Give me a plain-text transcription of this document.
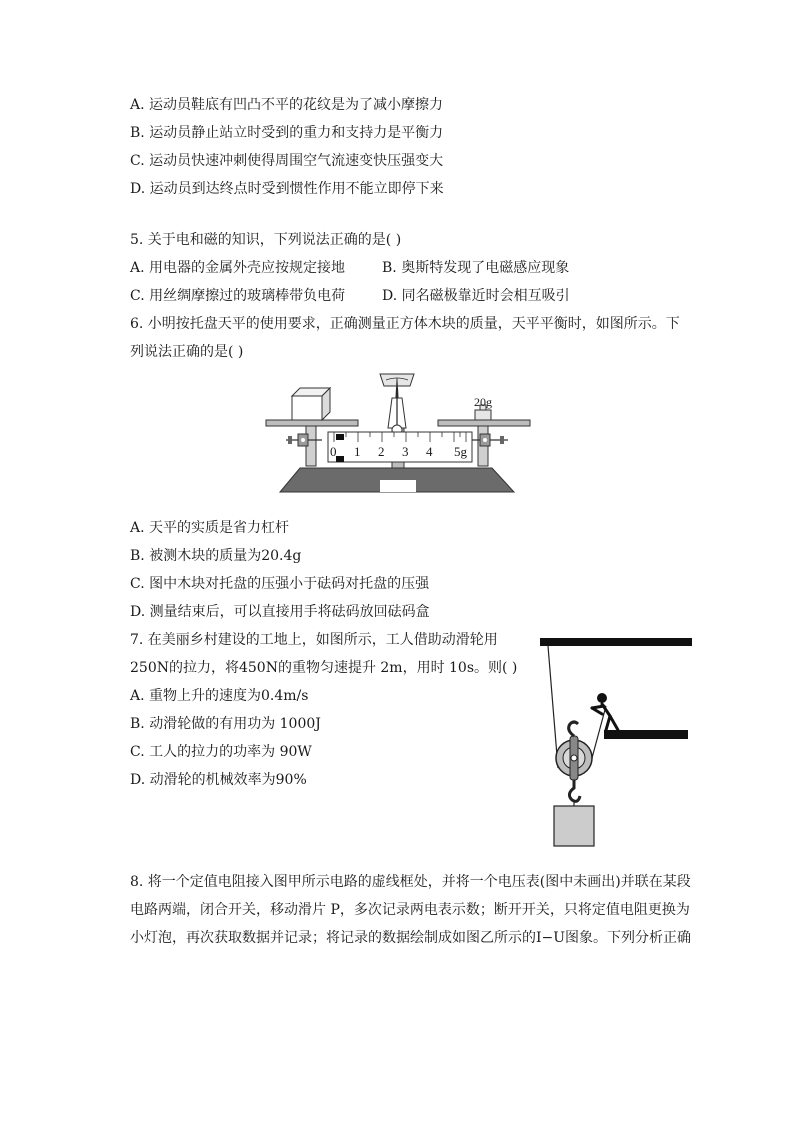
A. 运动员鞋底有凹凸不平的花纹是为了减小摩擦力
B. 运动员静止站立时受到的重力和支持力是平衡力
C. 运动员快速冲刺使得周围空气流速变快压强变大
D. 运动员到达终点时受到惯性作用不能立即停下来
5. 关于电和磁的知识，下列说法正确的是( )
A. 用电器的金属外壳应按规定接地	B. 奥斯特发现了电磁感应现象
C. 用丝绸摩擦过的玻璃棒带负电荷	D. 同名磁极靠近时会相互吸引
6. 小明按托盘天平的使用要求，正确测量正方体木块的质量，天平平衡时，如图所示。下
列说法正确的是( )
20g
0 1 2 3 4 5g
A. 天平的实质是省力杠杆
B. 被测木块的质量为20.4g
C. 图中木块对托盘的压强小于砝码对托盘的压强
D. 测量结束后，可以直接用手将砝码放回砝码盒
7. 在美丽乡村建设的工地上，如图所示，工人借助动滑轮用
250N的拉力，将450N的重物匀速提升 2m，用时 10s。则( )
A. 重物上升的速度为0.4m/s
B. 动滑轮做的有用功为 1000J
C. 工人的拉力的功率为 90W
D. 动滑轮的机械效率为90%
8. 将一个定值电阻接入图甲所示电路的虚线框处，并将一个电压表(图中未画出)并联在某段
电路两端，闭合开关，移动滑片 P，多次记录两电表示数；断开开关，只将定值电阻更换为
小灯泡，再次获取数据并记录；将记录的数据绘制成如图乙所示的I−U图象。下列分析正确
